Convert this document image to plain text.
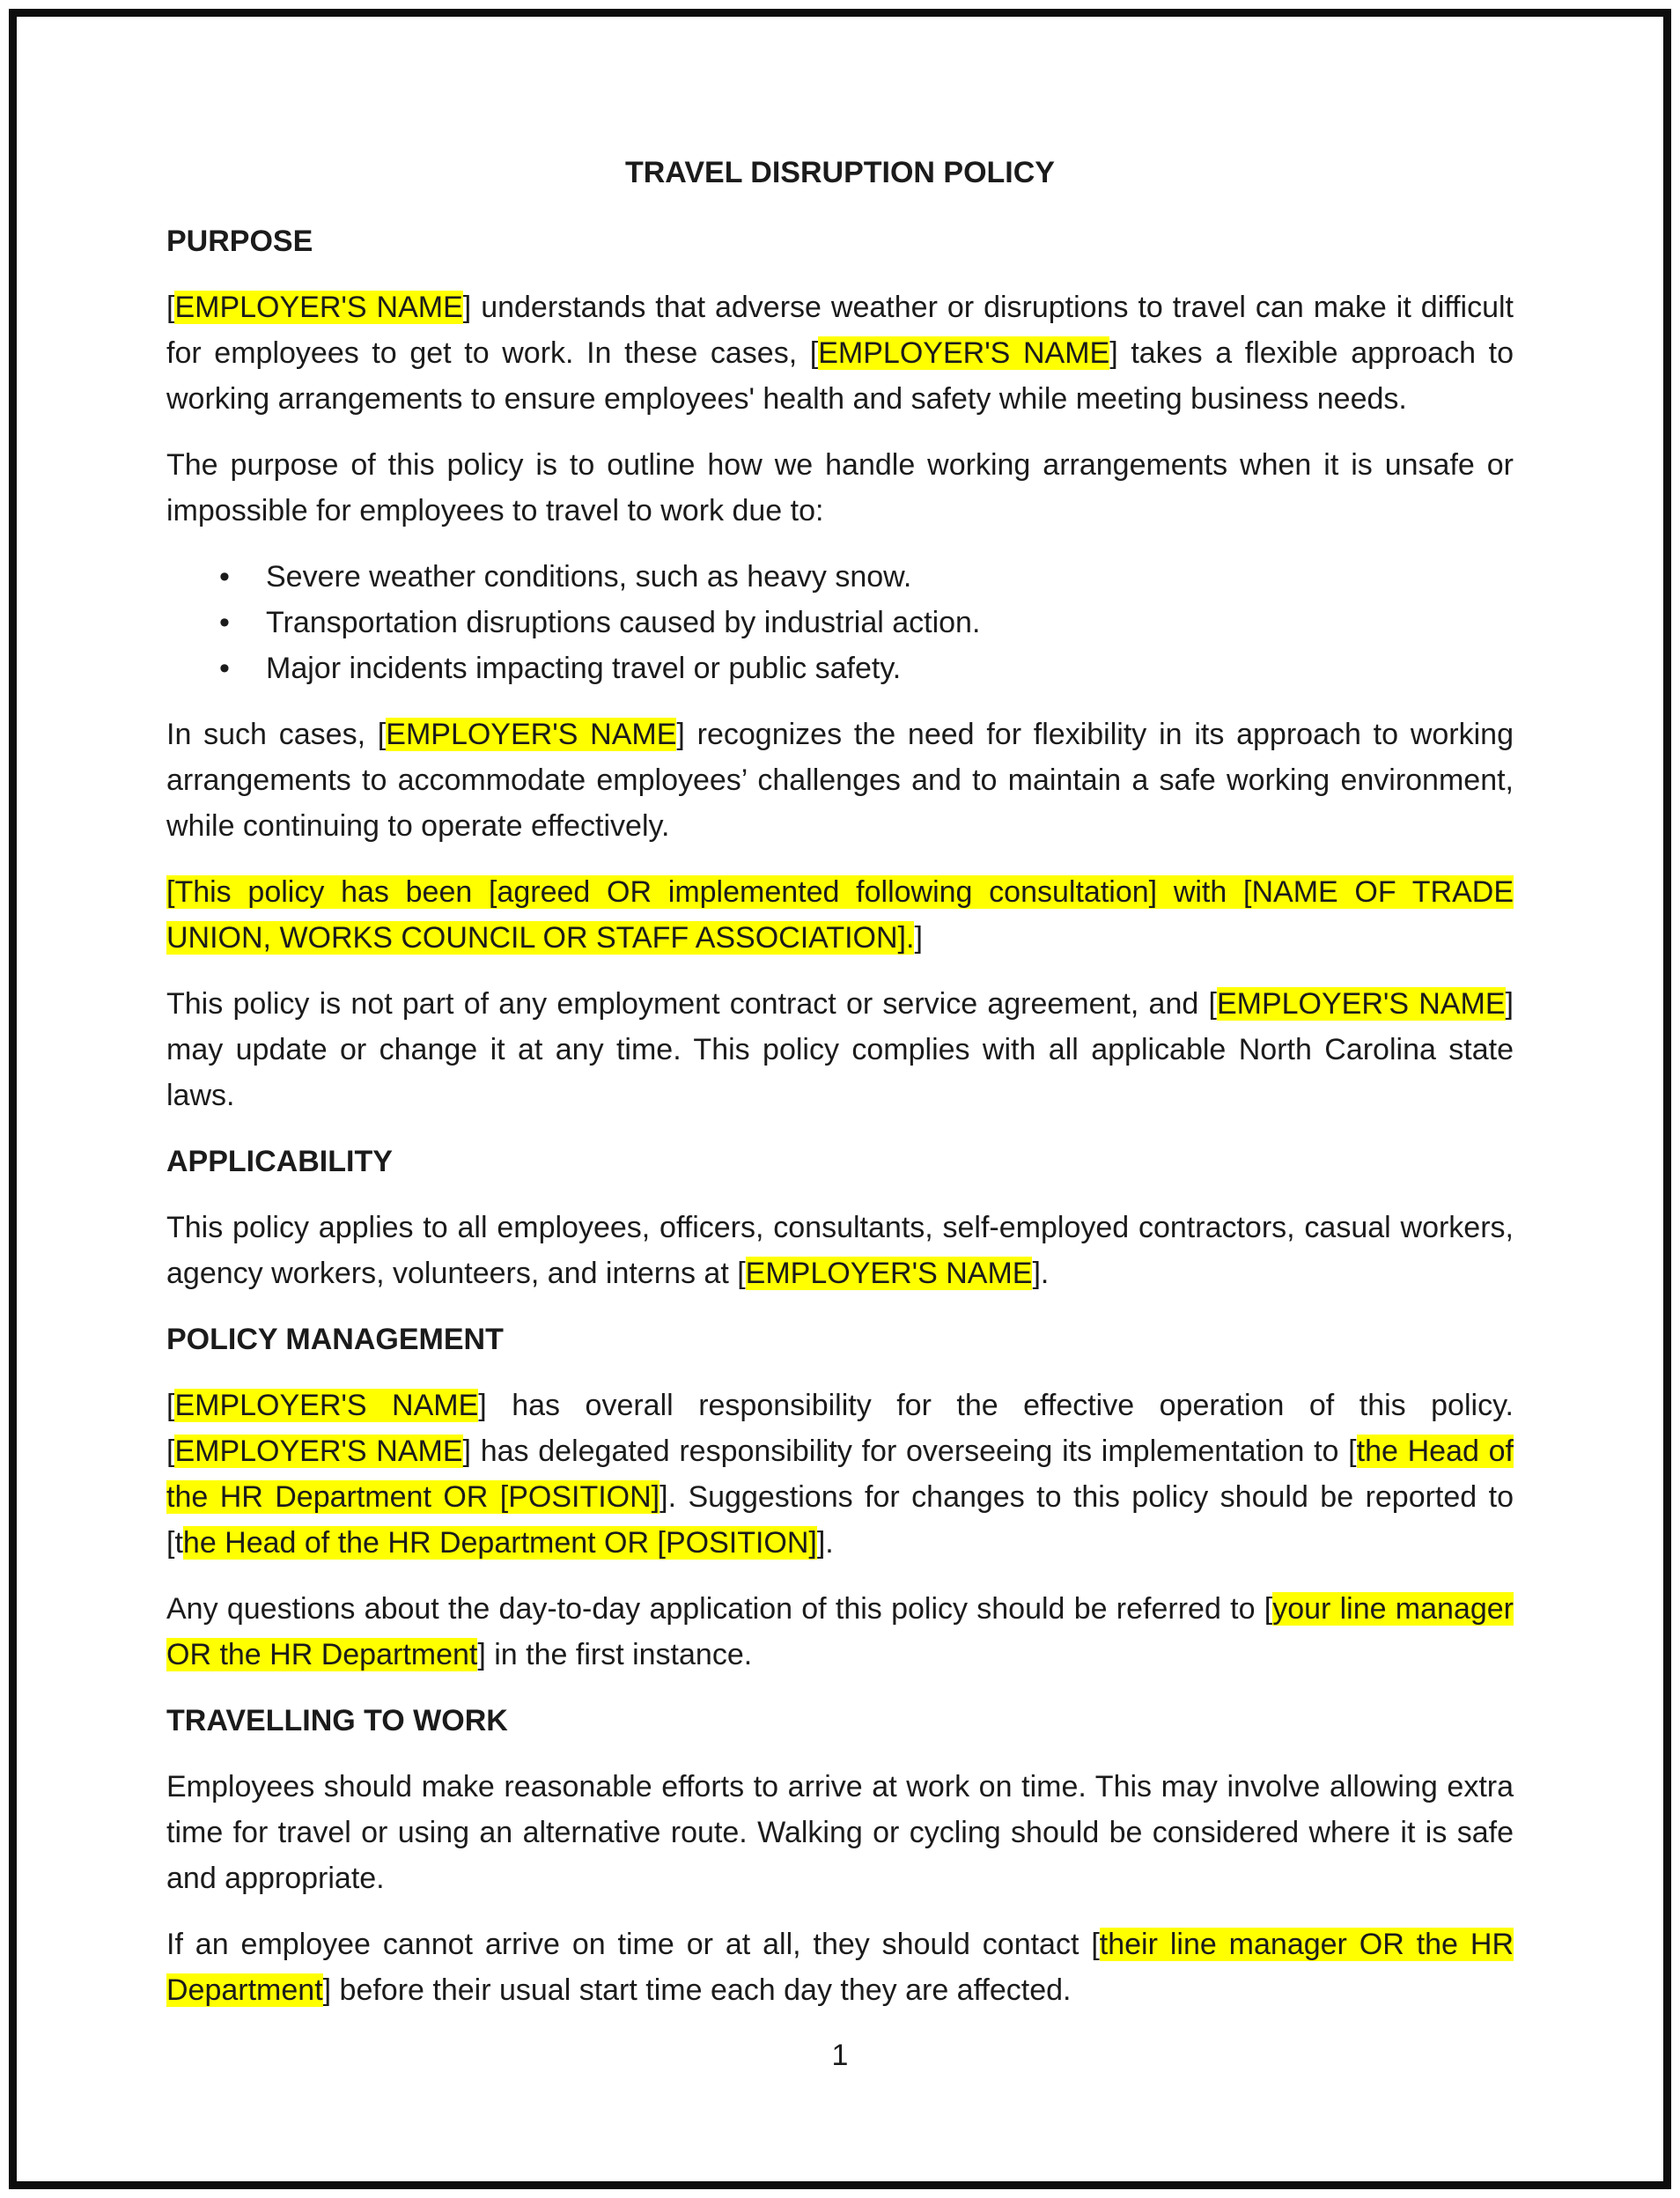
TRAVEL DISRUPTION POLICY
PURPOSE

[EMPLOYER'S NAME] understands that adverse weather or disruptions to travel can make it difficult for employees to get to work. In these cases, [EMPLOYER'S NAME] takes a flexible approach to working arrangements to ensure employees' health and safety while meeting business needs.

The purpose of this policy is to outline how we handle working arrangements when it is unsafe or impossible for employees to travel to work due to:

• Severe weather conditions, such as heavy snow.
• Transportation disruptions caused by industrial action.
• Major incidents impacting travel or public safety.

In such cases, [EMPLOYER'S NAME] recognizes the need for flexibility in its approach to working arrangements to accommodate employees’ challenges and to maintain a safe working environment, while continuing to operate effectively.

[This policy has been [agreed OR implemented following consultation] with [NAME OF TRADE UNION, WORKS COUNCIL OR STAFF ASSOCIATION].]

This policy is not part of any employment contract or service agreement, and [EMPLOYER'S NAME] may update or change it at any time. This policy complies with all applicable North Carolina state laws.

APPLICABILITY

This policy applies to all employees, officers, consultants, self-employed contractors, casual workers, agency workers, volunteers, and interns at [EMPLOYER'S NAME].

POLICY MANAGEMENT

[EMPLOYER'S NAME] has overall responsibility for the effective operation of this policy. [EMPLOYER'S NAME] has delegated responsibility for overseeing its implementation to [the Head of the HR Department OR [POSITION]]. Suggestions for changes to this policy should be reported to [the Head of the HR Department OR [POSITION]].

Any questions about the day-to-day application of this policy should be referred to [your line manager OR the HR Department] in the first instance.

TRAVELLING TO WORK

Employees should make reasonable efforts to arrive at work on time. This may involve allowing extra time for travel or using an alternative route. Walking or cycling should be considered where it is safe and appropriate.

If an employee cannot arrive on time or at all, they should contact [their line manager OR the HR Department] before their usual start time each day they are affected.

1
